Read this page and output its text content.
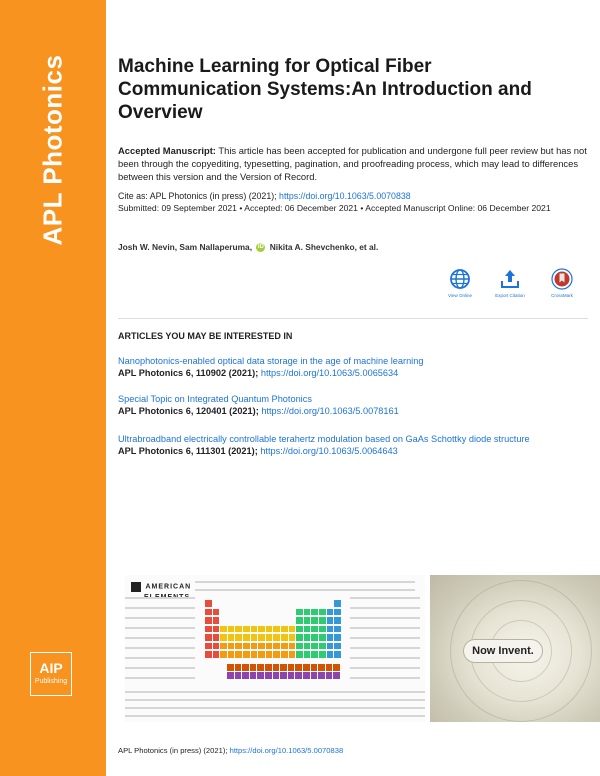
APL Photonics
AIP
Publishing
Machine Learning for Optical Fiber Communication Systems:An Introduction and Overview
Accepted Manuscript: This article has been accepted for publication and undergone full peer review but has not been through the copyediting, typesetting, pagination, and proofreading process, which may lead to differences between this version and the Version of Record.
Cite as: APL Photonics (in press) (2021); https://doi.org/10.1063/5.0070838
Submitted: 09 September 2021 • Accepted: 06 December 2021 • Accepted Manuscript Online: 06 December 2021
Josh W. Nevin, Sam Nallaperuma, iD Nikita A. Shevchenko, et al.
View Online	Export Citation	CrossMark
ARTICLES YOU MAY BE INTERESTED IN
Nanophotonics-enabled optical data storage in the age of machine learning
APL Photonics 6, 110902 (2021); https://doi.org/10.1063/5.0065634
Special Topic on Integrated Quantum Photonics
APL Photonics 6, 120401 (2021); https://doi.org/10.1063/5.0078161
Ultrabroadband electrically controllable terahertz modulation based on GaAs Schottky diode structure
APL Photonics 6, 111301 (2021); https://doi.org/10.1063/5.0064643
AMERICAN
Now Invent.
APL Photonics (in press) (2021); https://doi.org/10.1063/5.0070838
